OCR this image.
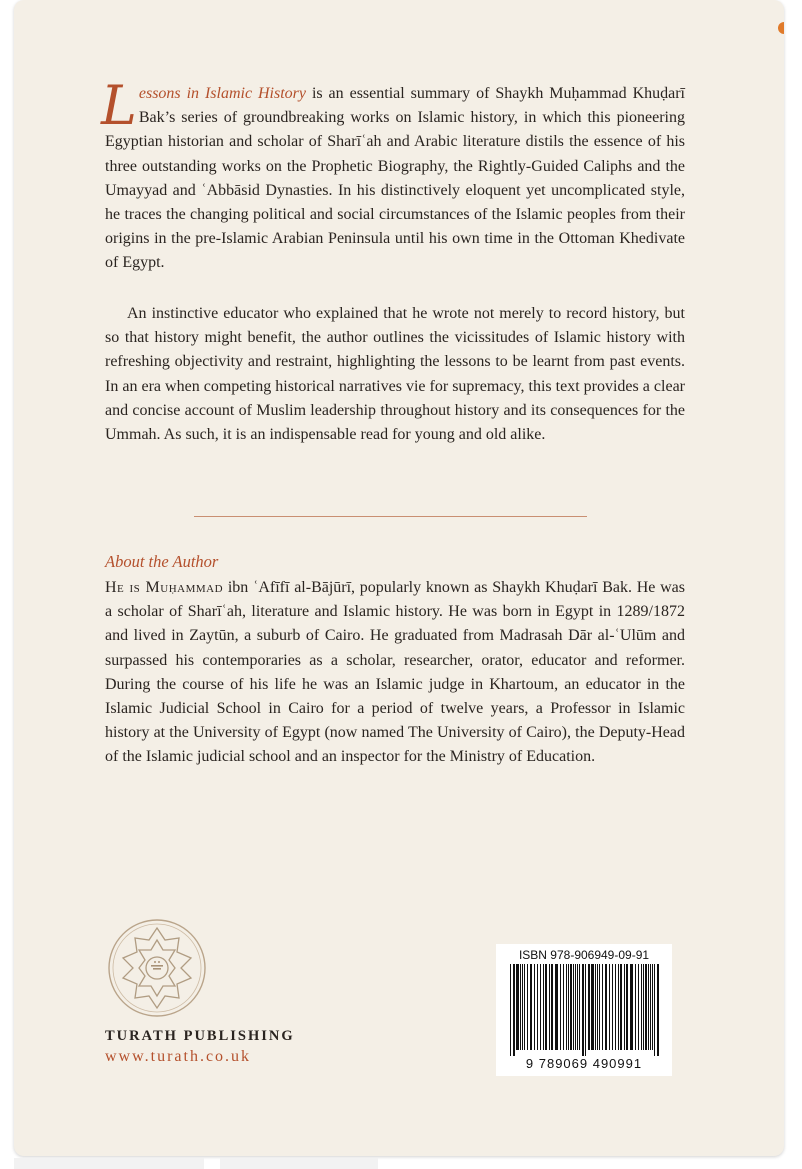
Lessons in Islamic History is an essential summary of Shaykh Muḥammad Khuḍarī Bak’s series of groundbreaking works on Islamic history, in which this pioneering Egyptian historian and scholar of Sharīʿah and Arabic literature distils the essence of his three outstanding works on the Prophetic Biography, the Rightly-Guided Caliphs and the Umayyad and ʿAbbāsid Dynasties. In his distinctively eloquent yet uncomplicated style, he traces the changing political and social circumstances of the Islamic peoples from their origins in the pre-Islamic Arabian Peninsula until his own time in the Ottoman Khedivate of Egypt.

An instinctive educator who explained that he wrote not merely to record history, but so that history might benefit, the author outlines the vicissitudes of Islamic history with refreshing objectivity and restraint, highlighting the lessons to be learnt from past events. In an era when competing historical narratives vie for supremacy, this text provides a clear and concise account of Muslim leadership throughout history and its consequences for the Ummah. As such, it is an indispensable read for young and old alike.

About the Author

He is Muḥammad ibn ʿAfīfī al-Bājūrī, popularly known as Shaykh Khuḍarī Bak. He was a scholar of Sharīʿah, literature and Islamic history. He was born in Egypt in 1289/1872 and lived in Zaytūn, a suburb of Cairo. He graduated from Madrasah Dār al-ʿUlūm and surpassed his contemporaries as a scholar, researcher, orator, educator and reformer. During the course of his life he was an Islamic judge in Khartoum, an educator in the Islamic Judicial School in Cairo for a period of twelve years, a Professor in Islamic history at the University of Egypt (now named The University of Cairo), the Deputy-Head of the Islamic judicial school and an inspector for the Ministry of Education.

TURATH PUBLISHING
www.turath.co.uk
ISBN 978-906949-09-91
9 789069 490991
